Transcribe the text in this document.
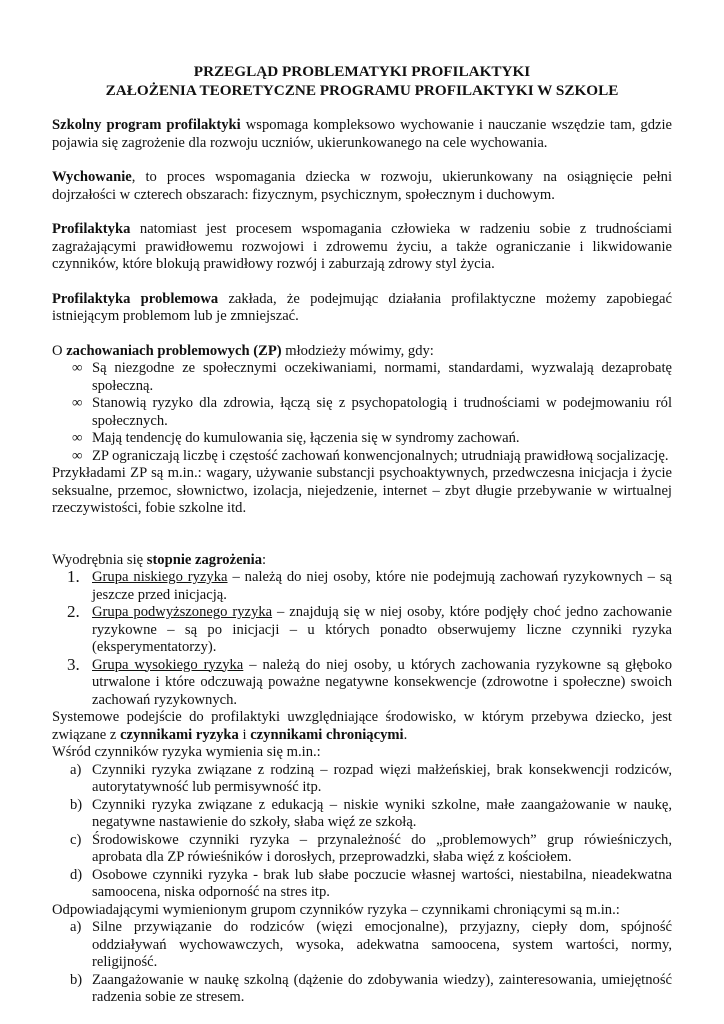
PRZEGLĄD PROBLEMATYKI PROFILAKTYKI
ZAŁOŻENIA TEORETYCZNE PROGRAMU PROFILAKTYKI W SZKOLE

Szkolny program profilaktyki wspomaga kompleksowo wychowanie i nauczanie wszędzie tam, gdzie pojawia się zagrożenie dla rozwoju uczniów, ukierunkowanego na cele wychowania.

Wychowanie, to proces wspomagania dziecka w rozwoju, ukierunkowany na osiągnięcie pełni dojrzałości w czterech obszarach: fizycznym, psychicznym, społecznym i duchowym.

Profilaktyka natomiast jest procesem wspomagania człowieka w radzeniu sobie z trudnościami zagrażającymi prawidłowemu rozwojowi i zdrowemu życiu, a także ograniczanie i likwidowanie czynników, które blokują prawidłowy rozwój i zaburzają zdrowy styl życia.

Profilaktyka problemowa zakłada, że podejmując działania profilaktyczne możemy zapobiegać istniejącym problemom lub je zmniejszać.

O zachowaniach problemowych (ZP) młodzieży mówimy, gdy:

∞ Są niezgodne ze społecznymi oczekiwaniami, normami, standardami, wyzwalają dezaprobatę społeczną.
∞ Stanowią ryzyko dla zdrowia, łączą się z psychopatologią i trudnościami w podejmowaniu ról społecznych.
∞ Mają tendencję do kumulowania się, łączenia się w syndromy zachowań.
∞ ZP ograniczają liczbę i częstość zachowań konwencjonalnych; utrudniają prawidłową socjalizację.

Przykładami ZP są m.in.: wagary, używanie substancji psychoaktywnych, przedwczesna inicjacja i życie seksualne, przemoc, słownictwo, izolacja, niejedzenie, internet – zbyt długie przebywanie w wirtualnej rzeczywistości, fobie szkolne itd.

Wyodrębnia się stopnie zagrożenia:

1. Grupa niskiego ryzyka – należą do niej osoby, które nie podejmują zachowań ryzykownych – są jeszcze przed inicjacją.
2. Grupa podwyższonego ryzyka – znajdują się w niej osoby, które podjęły choć jedno zachowanie ryzykowne – są po inicjacji – u których ponadto obserwujemy liczne czynniki ryzyka (eksperymentatorzy).
3. Grupa wysokiego ryzyka – należą do niej osoby, u których zachowania ryzykowne są głęboko utrwalone i które odczuwają poważne negatywne konsekwencje (zdrowotne i społeczne) swoich zachowań ryzykownych.

Systemowe podejście do profilaktyki uwzględniające środowisko, w którym przebywa dziecko, jest związane z czynnikami ryzyka i czynnikami chroniącymi.

Wśród czynników ryzyka wymienia się m.in.:

a) Czynniki ryzyka związane z rodziną – rozpad więzi małżeńskiej, brak konsekwencji rodziców, autorytatywność lub permisywność itp.
b) Czynniki ryzyka związane z edukacją – niskie wyniki szkolne, małe zaangażowanie w naukę, negatywne nastawienie do szkoły, słaba więź ze szkołą.
c) Środowiskowe czynniki ryzyka – przynależność do „problemowych” grup rówieśniczych, aprobata dla ZP rówieśników i dorosłych, przeprowadzki, słaba więź z kościołem.
d) Osobowe czynniki ryzyka - brak lub słabe poczucie własnej wartości, niestabilna, nieadekwatna samoocena, niska odporność na stres itp.

Odpowiadającymi wymienionym grupom czynników ryzyka – czynnikami chroniącymi są m.in.:

a) Silne przywiązanie do rodziców (więzi emocjonalne), przyjazny, ciepły dom, spójność oddziaływań wychowawczych, wysoka, adekwatna samoocena, system wartości, normy, religijność.
b) Zaangażowanie w naukę szkolną (dążenie do zdobywania wiedzy), zainteresowania, umiejętność radzenia sobie ze stresem.
